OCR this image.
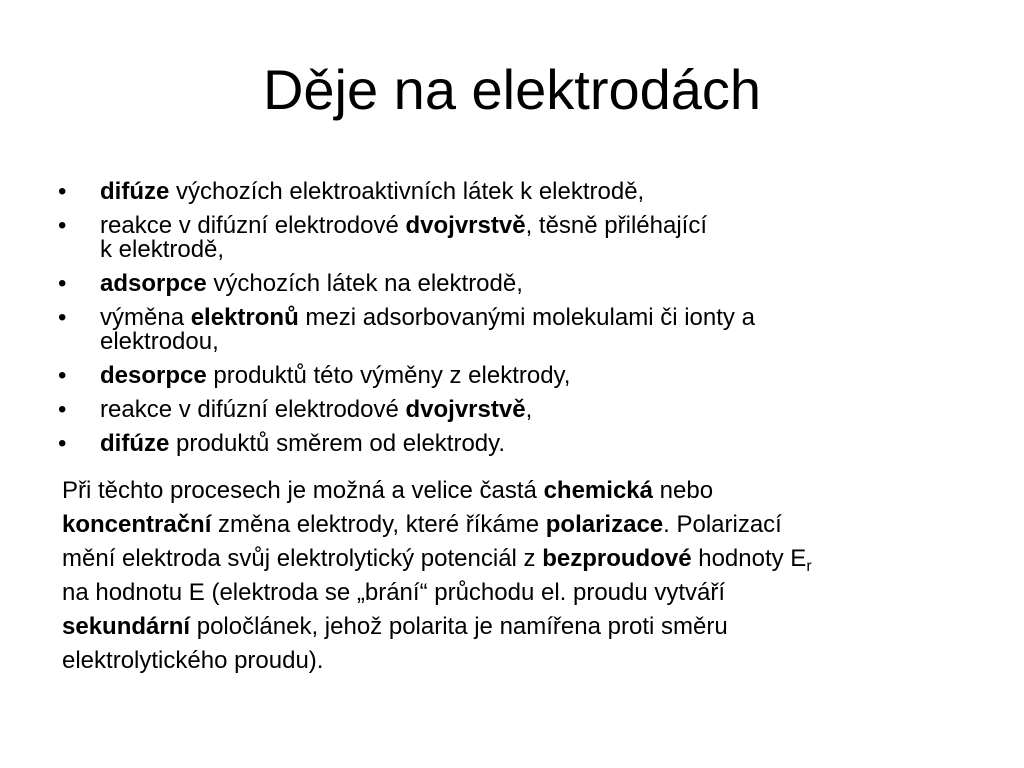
Děje na elektrodách
• difúze výchozích elektroaktivních látek k elektrodě,
• reakce v difúzní elektrodové dvojvrstvě, těsně přiléhající
k elektrodě,
• adsorpce výchozích látek na elektrodě,
• výměna elektronů mezi adsorbovanými molekulami či ionty a
elektrodou,
• desorpce produktů této výměny z elektrody,
• reakce v difúzní elektrodové dvojvrstvě,
• difúze produktů směrem od elektrody.

Při těchto procesech je možná a velice častá chemická nebo
koncentrační změna elektrody, které říkáme polarizace. Polarizací
mění elektroda svůj elektrolytický potenciál z bezproudové hodnoty $E_r$
na hodnotu E (elektroda se „brání“ průchodu el. proudu vytváří
sekundární poločlánek, jehož polarita je namířena proti směru
elektrolytického proudu).
